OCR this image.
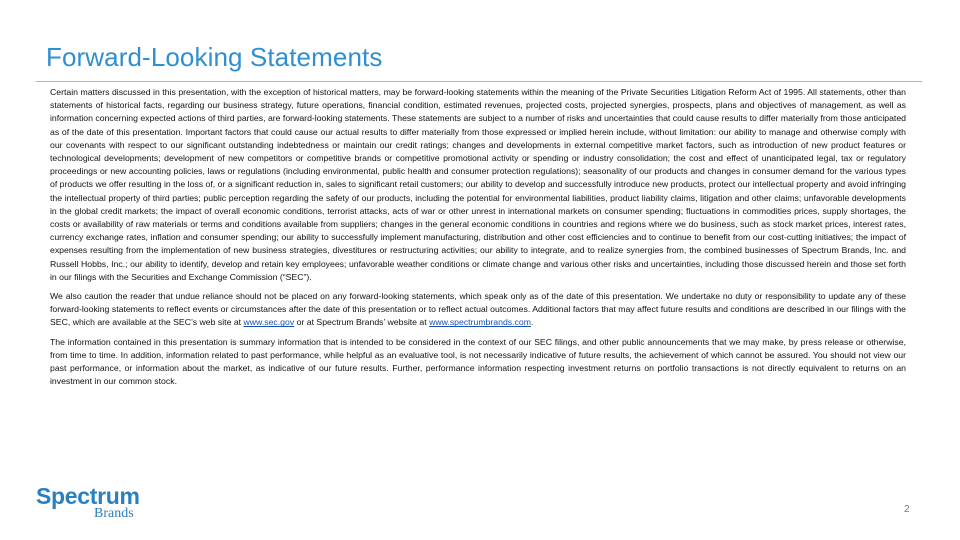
Forward-Looking Statements

Certain matters discussed in this presentation, with the exception of historical matters, may be forward-looking statements within the meaning of the Private Securities Litigation Reform Act of 1995. All statements, other than statements of historical facts, regarding our business strategy, future operations, financial condition, estimated revenues, projected costs, projected synergies, prospects, plans and objectives of management, as well as information concerning expected actions of third parties, are forward-looking statements. These statements are subject to a number of risks and uncertainties that could cause results to differ materially from those anticipated as of the date of this presentation. Important factors that could cause our actual results to differ materially from those expressed or implied herein include, without limitation: our ability to manage and otherwise comply with our covenants with respect to our significant outstanding indebtedness or maintain our credit ratings; changes and developments in external competitive market factors, such as introduction of new product features or technological developments; development of new competitors or competitive brands or competitive promotional activity or spending or industry consolidation; the cost and effect of unanticipated legal, tax or regulatory proceedings or new accounting policies, laws or regulations (including environmental, public health and consumer protection regulations); seasonality of our products and changes in consumer demand for the various types of products we offer resulting in the loss of, or a significant reduction in, sales to significant retail customers; our ability to develop and successfully introduce new products, protect our intellectual property and avoid infringing the intellectual property of third parties; public perception regarding the safety of our products, including the potential for environmental liabilities, product liability claims, litigation and other claims; unfavorable developments in the global credit markets; the impact of overall economic conditions, terrorist attacks, acts of war or other unrest in international markets on consumer spending; fluctuations in commodities prices, supply shortages, the costs or availability of raw materials or terms and conditions available from suppliers; changes in the general economic conditions in countries and regions where we do business, such as stock market prices, interest rates, currency exchange rates, inflation and consumer spending; our ability to successfully implement manufacturing, distribution and other cost efficiencies and to continue to benefit from our cost-cutting initiatives; the impact of expenses resulting from the implementation of new business strategies, divestitures or restructuring activities; our ability to integrate, and to realize synergies from, the combined businesses of Spectrum Brands, Inc. and Russell Hobbs, Inc.; our ability to identify, develop and retain key employees; unfavorable weather conditions or climate change and various other risks and uncertainties, including those discussed herein and those set forth in our filings with the Securities and Exchange Commission (“SEC”).

We also caution the reader that undue reliance should not be placed on any forward-looking statements, which speak only as of the date of this presentation. We undertake no duty or responsibility to update any of these forward-looking statements to reflect events or circumstances after the date of this presentation or to reflect actual outcomes. Additional factors that may affect future results and conditions are described in our filings with the SEC, which are available at the SEC’s web site at www.sec.gov or at Spectrum Brands’ website at www.spectrumbrands.com.

The information contained in this presentation is summary information that is intended to be considered in the context of our SEC filings, and other public announcements that we may make, by press release or otherwise, from time to time. In addition, information related to past performance, while helpful as an evaluative tool, is not necessarily indicative of future results, the achievement of which cannot be assured. You should not view our past performance, or information about the market, as indicative of our future results. Further, performance information respecting investment returns on portfolio transactions is not directly equivalent to returns on an investment in our common stock.

Spectrum
Brands	2
